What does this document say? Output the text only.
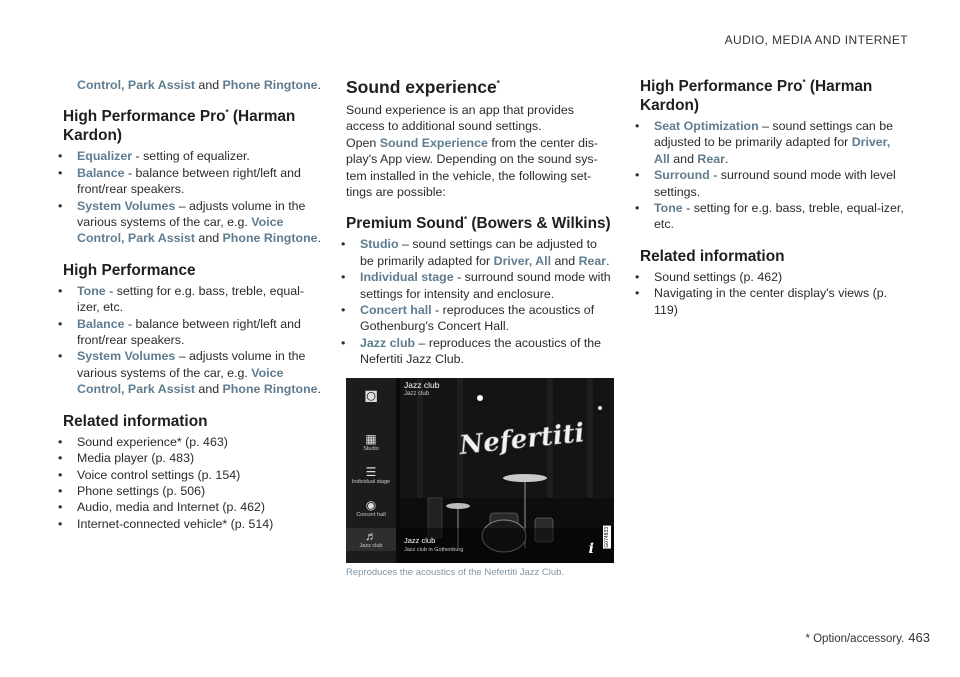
AUDIO, MEDIA AND INTERNET

Control, Park Assist and Phone Ringtone.

High Performance Pro* (Harman Kardon)
• Equalizer - setting of equalizer.
• Balance - balance between right/left and front/rear speakers.
• System Volumes – adjusts volume in the various systems of the car, e.g. Voice Control, Park Assist and Phone Ringtone.
High Performance
• Tone - setting for e.g. bass, treble, equal-izer, etc.
• Balance - balance between right/left and front/rear speakers.
• System Volumes – adjusts volume in the various systems of the car, e.g. Voice Control, Park Assist and Phone Ringtone.
Related information
• Sound experience* (p. 463)
• Media player (p. 483)
• Voice control settings (p. 154)
• Phone settings (p. 506)
• Audio, media and Internet (p. 462)
• Internet-connected vehicle* (p. 514)
Sound experience*

Sound experience is an app that provides access to additional sound settings.

Open Sound Experience from the center dis-play's App view. Depending on the sound sys-tem installed in the vehicle, the following set-tings are possible:

Premium Sound* (Bowers & Wilkins)
• Studio – sound settings can be adjusted to be primarily adapted for Driver, All and Rear.
• Individual stage - surround sound mode with settings for intensity and enclosure.
• Concert hall - reproduces the acoustics of Gothenburg's Concert Hall.
• Jazz club – reproduces the acoustics of the Nefertiti Jazz Club.
Nefertiti
◙
▦
Studio
☰
Individual stage
◉
Concert hall
♬
Jazz club
Jazz club
Jazz club
Jazz club
Jazz club in Gothenburg	i
G074833
Reproduces the acoustics of the Nefertiti Jazz Club.
High Performance Pro* (Harman Kardon)
• Seat Optimization – sound settings can be adjusted to be primarily adapted for Driver, All and Rear.
• Surround - surround sound mode with level settings.
• Tone - setting for e.g. bass, treble, equal-izer, etc.
Related information
• Sound settings (p. 462)
• Navigating in the center display's views (p. 119)
* Option/accessory. 463
